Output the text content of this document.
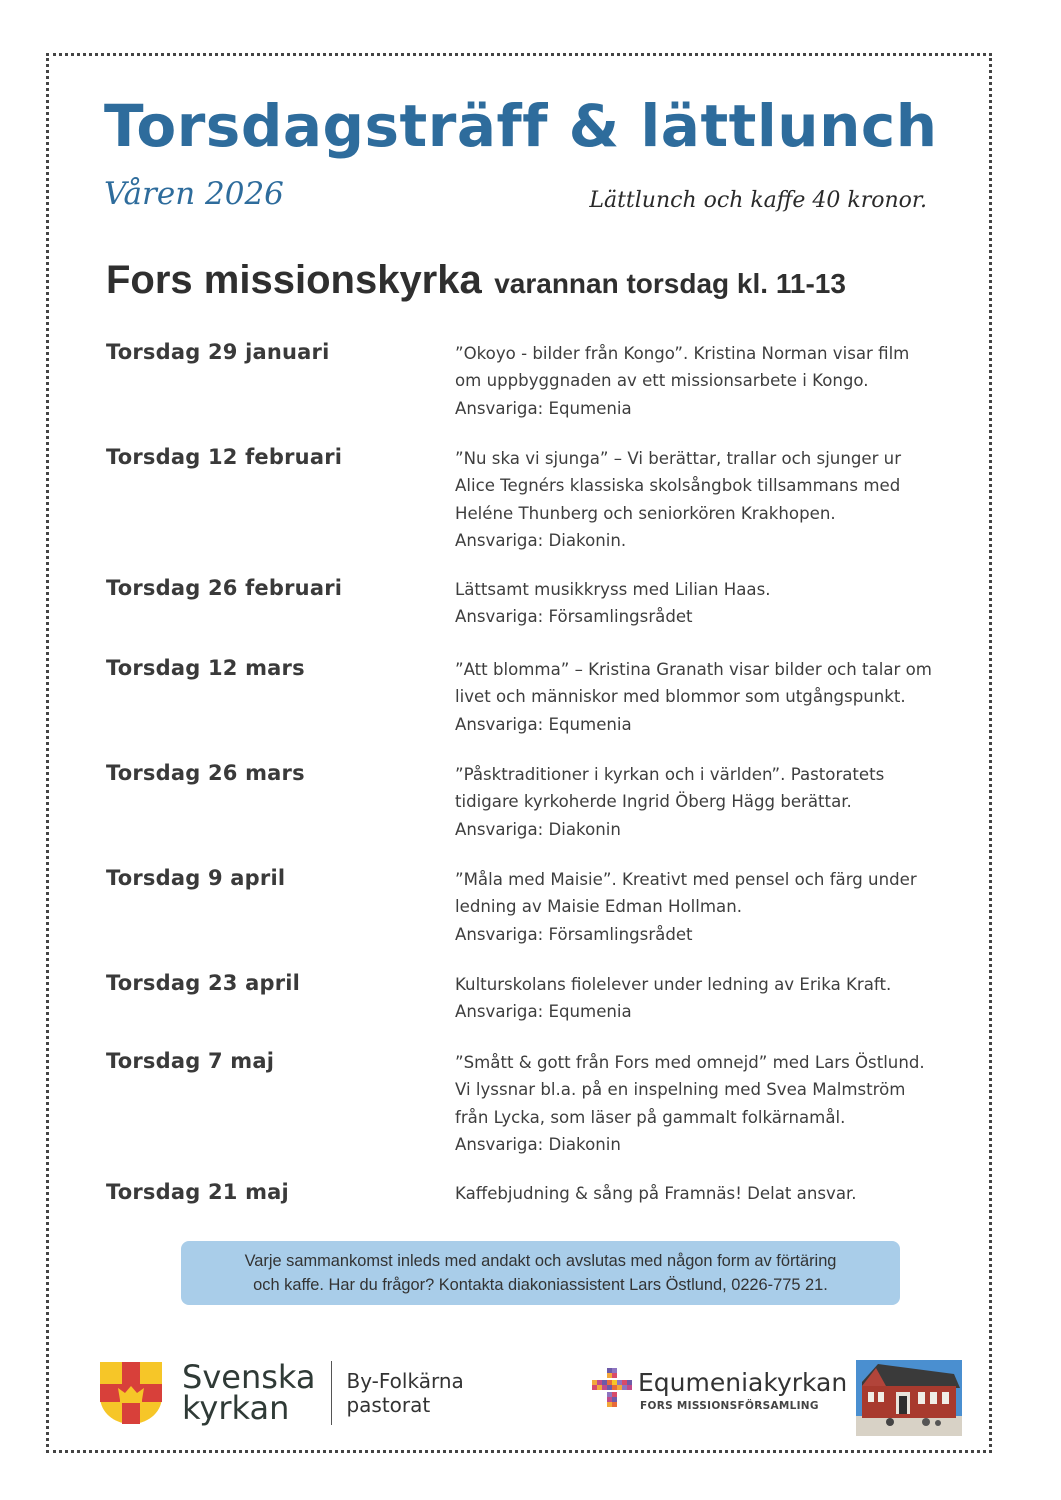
Torsdagsträff & lättlunch
Våren 2026	Lättlunch och kaffe 40 kronor.
Fors missionskyrka varannan torsdag kl. 11-13
Torsdag 29 januari	”Okoyo - bilder från Kongo”. Kristina Norman visar film
om uppbyggnaden av ett missionsarbete i Kongo.
Ansvariga: Equmenia
Torsdag 12 februari	”Nu ska vi sjunga” – Vi berättar, trallar och sjunger ur
Alice Tegnérs klassiska skolsångbok tillsammans med
Heléne Thunberg och seniorkören Krakhopen.
Ansvariga: Diakonin.
Torsdag 26 februari	Lättsamt musikkryss med Lilian Haas.
Ansvariga: Församlingsrådet
Torsdag 12 mars	”Att blomma” – Kristina Granath visar bilder och talar om
livet och människor med blommor som utgångspunkt.
Ansvariga: Equmenia
Torsdag 26 mars	”Påsktraditioner i kyrkan och i världen”. Pastoratets
tidigare kyrkoherde Ingrid Öberg Hägg berättar.
Ansvariga: Diakonin
Torsdag 9 april	”Måla med Maisie”. Kreativt med pensel och färg under
ledning av Maisie Edman Hollman.
Ansvariga: Församlingsrådet
Torsdag 23 april	Kulturskolans fiolelever under ledning av Erika Kraft.
Ansvariga: Equmenia
Torsdag 7 maj	”Smått & gott från Fors med omnejd” med Lars Östlund.
Vi lyssnar bl.a. på en inspelning med Svea Malmström
från Lycka, som läser på gammalt folkärnamål.
Ansvariga: Diakonin
Torsdag 21 maj	Kaffebjudning & sång på Framnäs! Delat ansvar.
Varje sammankomst inleds med andakt och avslutas med någon form av förtäring
och kaffe. Har du frågor? Kontakta diakoniassistent Lars Östlund, 0226-775 21.
Svenska
kyrkan
By-Folkärna
pastorat
Equmeniakyrkan
FORS MISSIONSFÖRSAMLING
